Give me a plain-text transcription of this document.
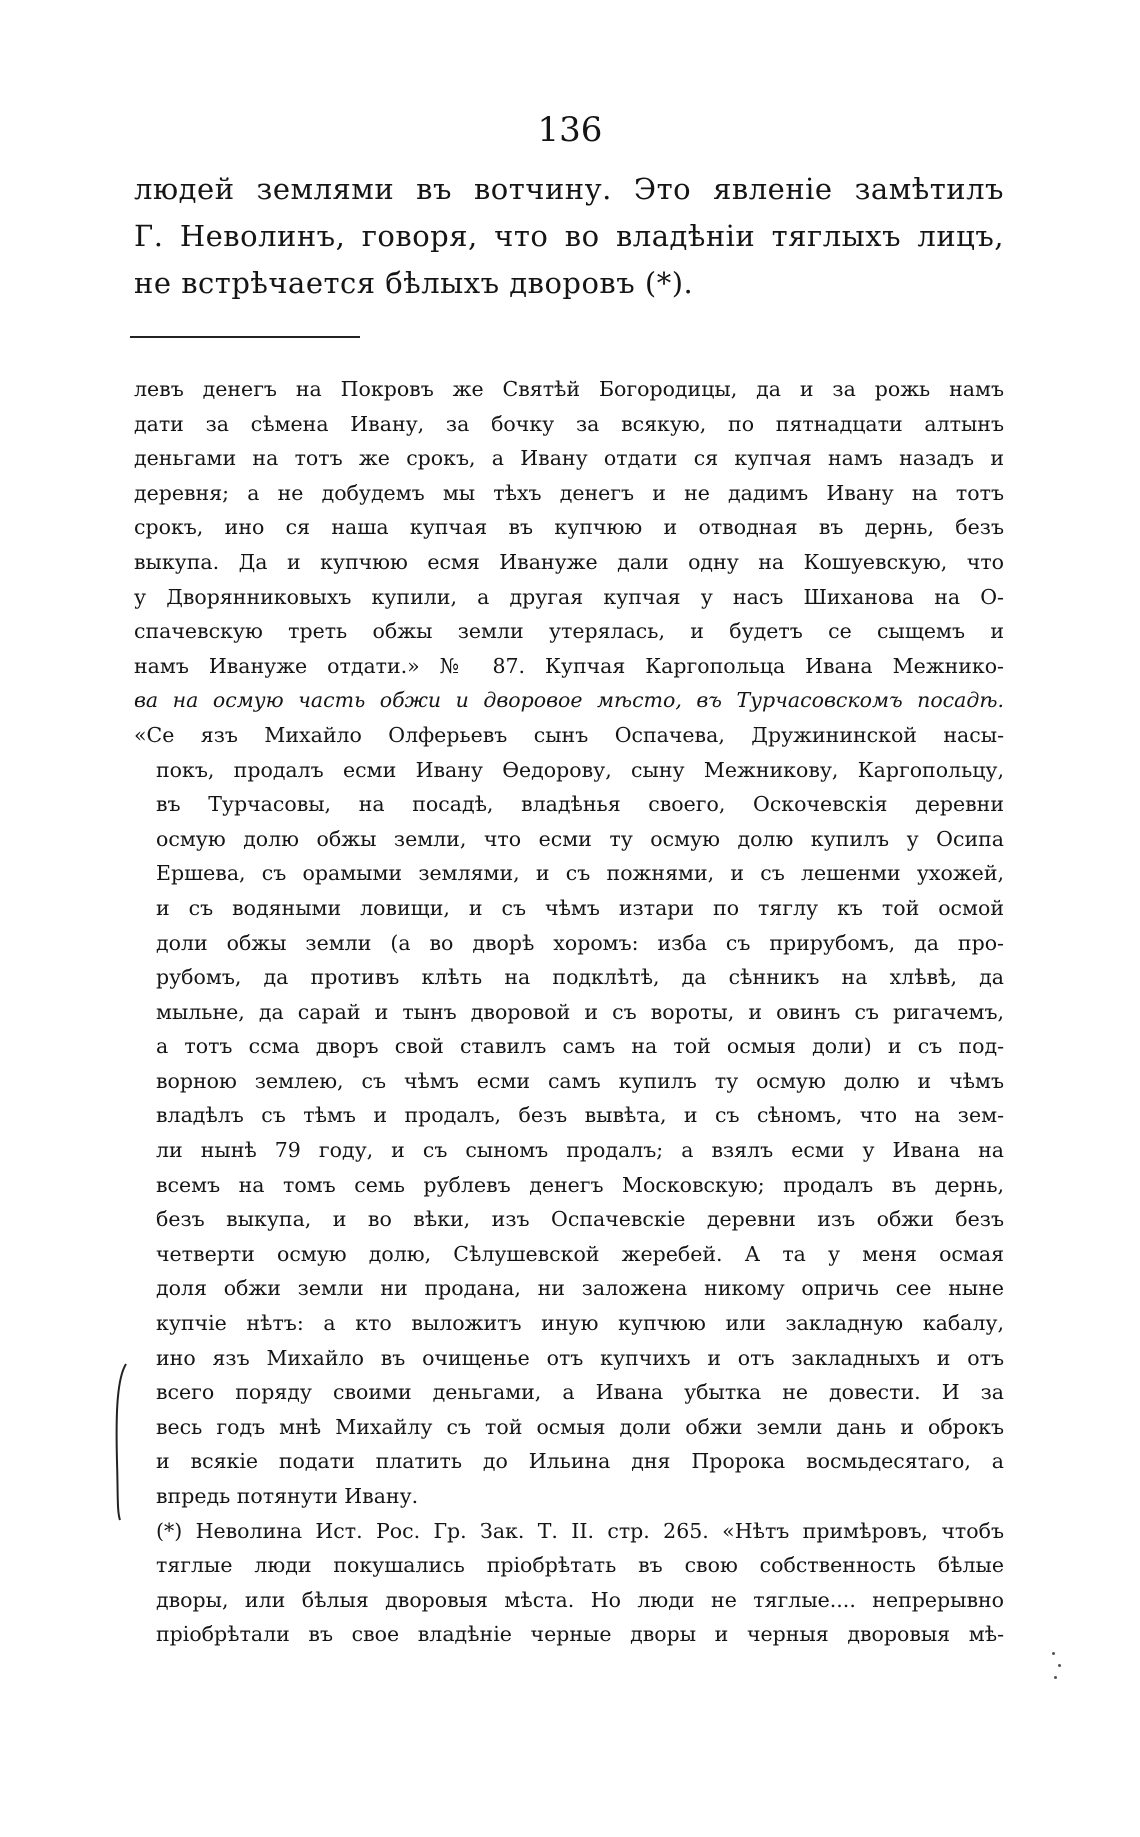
136
людей землями въ вотчину. Это явленіе замѣтилъ
Г. Неволинъ, говоря, что во владѣніи тяглыхъ лицъ,
не встрѣчается бѣлыхъ дворовъ (*).
левъ денегъ на Покровъ же Святѣй Богородицы, да и за рожь намъ
дати за сѣмена Ивану, за бочку за всякую, по пятнадцати алтынъ
деньгами на тотъ же срокъ, а Ивану отдати ся купчая намъ назадъ и
деревня; а не добудемъ мы тѣхъ денегъ и не дадимъ Ивану на тотъ
срокъ, ино ся наша купчая въ купчюю и отводная въ дернь, безъ
выкупа. Да и купчюю есмя Ивануже дали одну на Кошуевскую, что
у Дворянниковыхъ купили, а другая купчая у насъ Шиханова на О-
спачевскую треть обжы земли утерялась, и будетъ се сыщемъ и
намъ Ивануже отдати.» № 87. Купчая Каргопольца Ивана Межнико-
ва на осмую часть обжи и дворовое мѣсто, въ Турчасовскомъ посадѣ.
«Се язъ Михайло Олферьевъ сынъ Оспачева, Дружининской насы-
покъ, продалъ есми Ивану Ѳедорову, сыну Межникову, Каргопольцу,
въ Турчасовы, на посадѣ, владѣнья своего, Оскочевскія деревни
осмую долю обжы земли, что есми ту осмую долю купилъ у Осипа
Ершева, съ орамыми землями, и съ пожнями, и съ лешенми ухожей,
и съ водяными ловищи, и съ чѣмъ изтари по тяглу къ той осмой
доли обжы земли (а во дворѣ хоромъ: изба съ прирубомъ, да про-
рубомъ, да противъ клѣть на подклѣтѣ, да сѣнникъ на хлѣвѣ, да
мыльне, да сарай и тынъ дворовой и съ вороты, и овинъ съ ригачемъ,
а тотъ ссма дворъ свой ставилъ самъ на той осмыя доли) и съ под-
ворною землею, съ чѣмъ есми самъ купилъ ту осмую долю и чѣмъ
владѣлъ съ тѣмъ и продалъ, безъ вывѣта, и съ сѣномъ, что на зем-
ли нынѣ 79 году, и съ сыномъ продалъ; а взялъ есми у Ивана на
всемъ на томъ семь рублевъ денегъ Московскую; продалъ въ дернь,
безъ выкупа, и во вѣки, изъ Оспачевскіе деревни изъ обжи безъ
четверти осмую долю, Сѣлушевской жеребей. А та у меня осмая
доля обжи земли ни продана, ни заложена никому опричь сее ныне
купчіе нѣтъ: а кто выложитъ иную купчюю или закладную кабалу,
ино язъ Михайло въ очищенье отъ купчихъ и отъ закладныхъ и отъ
всего поряду своими деньгами, а Ивана убытка не довести. И за
весь годъ мнѣ Михайлу съ той осмыя доли обжи земли дань и оброкъ
и всякіе подати платить до Ильина дня Пророка восмьдесятаго, а
впредь потянути Ивану.
(*) Неволина Ист. Рос. Гр. Зак. Т. II. стр. 265. «Нѣтъ примѣровъ, чтобъ
тяглые люди покушались пріобрѣтать въ свою собственность бѣлые
дворы, или бѣлыя дворовыя мѣста. Но люди не тяглые.... непрерывно
пріобрѣтали въ свое владѣніе черные дворы и черныя дворовыя мѣ-
